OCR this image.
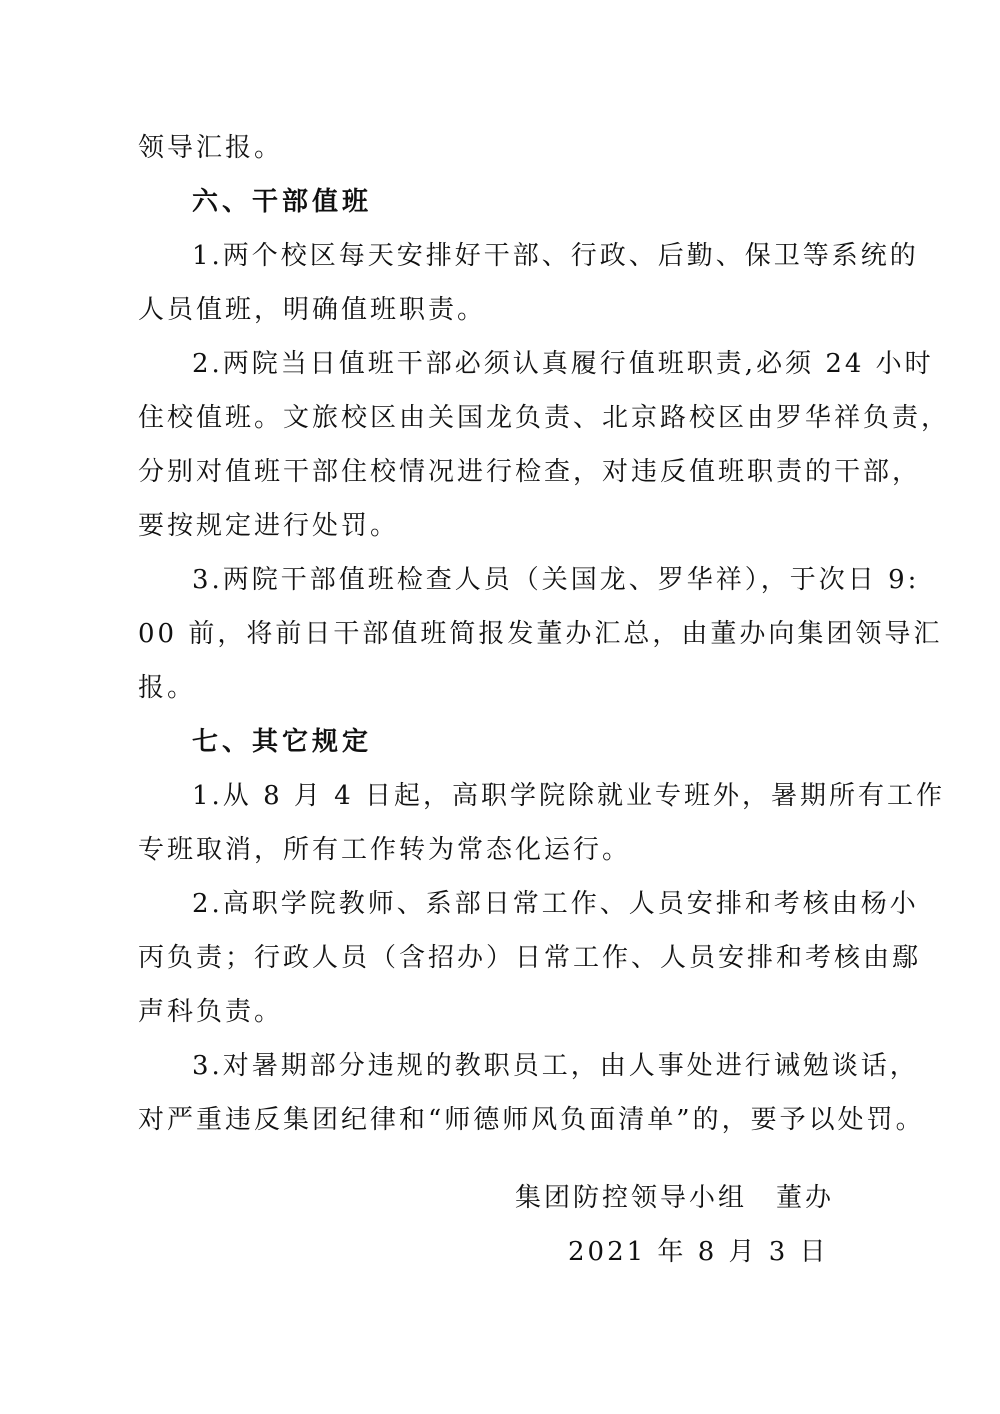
领导汇报。
六、干部值班
1.两个校区每天安排好干部、行政、后勤、保卫等系统的
人员值班，明确值班职责。
2.两院当日值班干部必须认真履行值班职责,必须 24 小时
住校值班。文旅校区由关国龙负责、北京路校区由罗华祥负责，
分别对值班干部住校情况进行检查，对违反值班职责的干部，
要按规定进行处罚。
3.两院干部值班检查人员（关国龙、罗华祥），于次日 9:
00 前，将前日干部值班简报发董办汇总，由董办向集团领导汇
报。
七、其它规定
1.从 8 月 4 日起，高职学院除就业专班外，暑期所有工作
专班取消，所有工作转为常态化运行。
2.高职学院教师、系部日常工作、人员安排和考核由杨小
丙负责；行政人员（含招办）日常工作、人员安排和考核由鄢
声科负责。
3.对暑期部分违规的教职员工，由人事处进行诫勉谈话，
对严重违反集团纪律和“师德师风负面清单”的，要予以处罚。
集团防控领导小组　董办
2021 年 8 月 3 日
